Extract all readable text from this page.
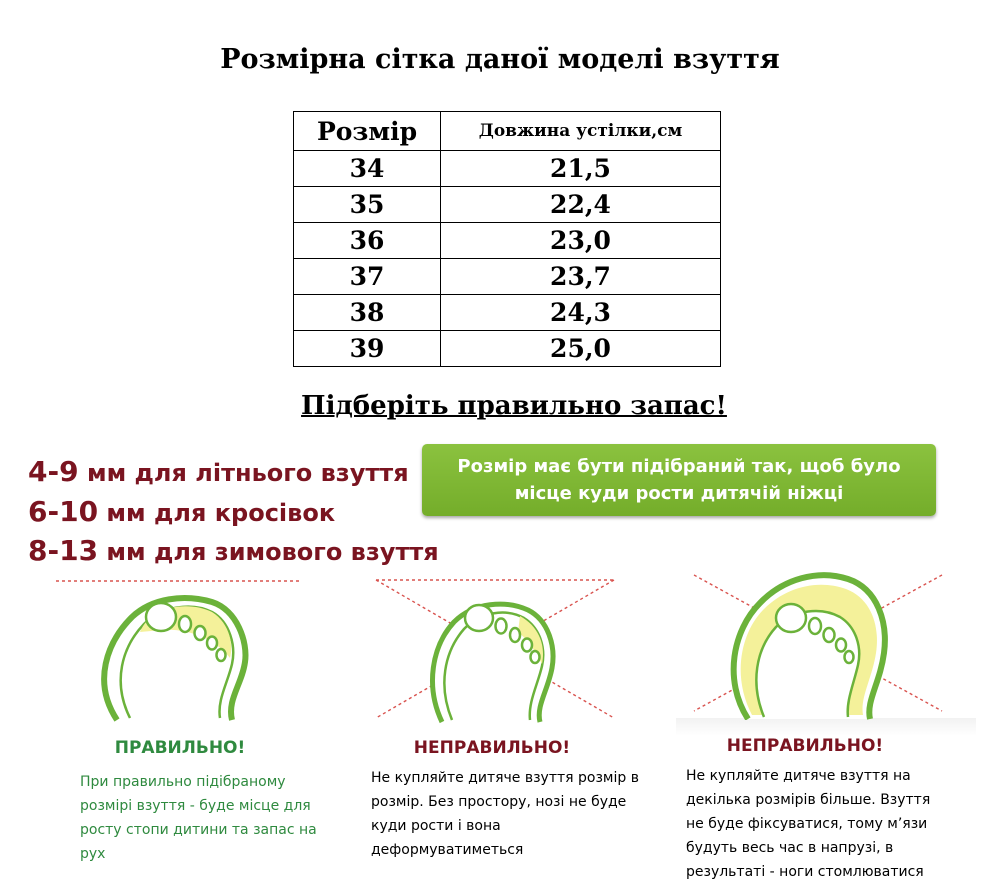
Розмірна сітка даної моделі взуття
Розмір	Довжина устілки,см
34	21,5
35	22,4
36	23,0
37	23,7
38	24,3
39	25,0
Підберіть правильно запас!
4-9 мм для літнього взуття
6-10 мм для кросівок
8-13 мм для зимового взуття
Розмір має бути підібраний так, щоб було місце куди рости дитячій ніжці
ПРАВИЛЬНО!	НЕПРАВИЛЬНО!	НЕПРАВИЛЬНО!
При правильно підібраному розмірі взуття - буде місце для росту стопи дитини та запас на рух
Не купляйте дитяче взуття розмір в розмір. Без простору, нозі не буде куди рости і вона деформуватиметься
Не купляйте дитяче взуття на декілька розмірів більше. Взуття не буде фіксуватися, тому м’язи будуть весь час в напрузі, в результаті - ноги стомлюватися
